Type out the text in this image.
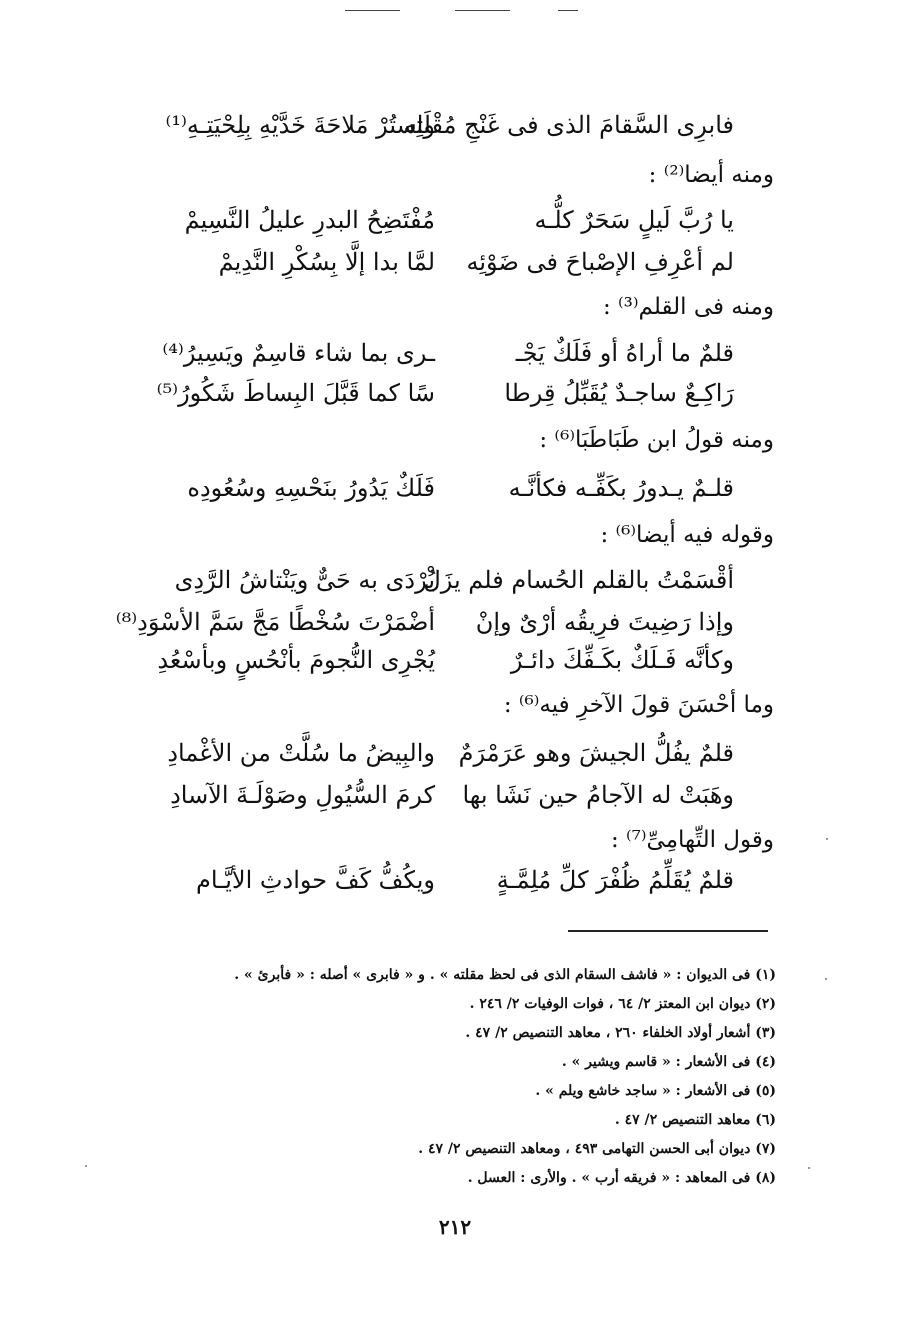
فابرِى السَّقامَ الذى فى غَنْجِ مُقْلَتِه
واستُرْ مَلاحَةَ خَدَّيْهِ بِلِحْيَتِـهِ⁽¹⁾
ومنه أيضا⁽²⁾ :
يا رُبَّ لَيلٍ سَحَرٌ كلُّـه
مُفْتَضِحُ البدرِ عليلُ النَّسِيمْ
لم أعْرِفِ الإصْباحَ فى ضَوْئِه
لمَّا بدا إلَّا بِسُكْرِ النَّدِيمْ
ومنه فى القلم⁽³⁾ :
قلمٌ ما أراهُ أو فَلَكٌ يَجْـ
ـرى بما شاء قاسِمٌ ويَسِيرُ⁽⁴⁾
رَاكِـعٌ ساجـدٌ يُقَبِّلُ قِرطا
سًا كما قَبَّلَ البِساطَ شَكُورُ⁽⁵⁾
ومنه قولُ ابن طَبَاطَبَا⁽⁶⁾ :
قلـمٌ يـدورُ بكَفِّـه فكأنَّـه
فَلَكٌ يَدُورُ بنَحْسِهِ وسُعُودِه
وقوله فيه أيضا⁽⁶⁾ :
أقْسَمْتُ بالقلم الحُسام فلم يزَلْ
يُرْدَى به حَىٌّ ويَنْتاشُ الرَّدِى
وإذا رَضِيتَ فرِيقُه أرْىٌ وإنْ
أضْمَرْتَ سُخْطًا مَجَّ سَمَّ الأسْوَدِ⁽⁸⁾
وكأنَّه فَـلَكٌ بكَـفِّكَ دائـرٌ
يُجْرِى النُّجومَ بأنْحُسٍ وبأسْعُدِ
وما أحْسَنَ قولَ الآخرِ فيه⁽⁶⁾ :
قلمٌ يفُلُّ الجيشَ وهو عَرَمْرَمٌ
والبِيضُ ما سُلَّتْ من الأغْمادِ
وهَبَتْ له الآجامُ حين نَشَا بها
كرمَ السُّيُولِ وصَوْلَـةَ الآسادِ
وقول التِّهامِىِّ⁽⁷⁾ :
قلمٌ يُقَلِّمُ ظُفْرَ كلِّ مُلِمَّـةٍ
ويكُفُّ كَفَّ حوادثِ الأيَّـام
(١) فى الديوان : « فاشف السقام الذى فى لحظ مقلته » . و « فابرى » أصله : « فأبرئ » .
(٢) ديوان ابن المعتز ٢/ ٦٤ ، فوات الوفيات ٢/ ٢٤٦ .
(٣) أشعار أولاد الخلفاء ٢٦٠ ، معاهد التنصيص ٢/ ٤٧ .
(٤) فى الأشعار : « قاسم ويشير » .
(٥) فى الأشعار : « ساجد خاشع ويلم » .
(٦) معاهد التنصيص ٢/ ٤٧ .
(٧) ديوان أبى الحسن التهامى ٤٩٣ ، ومعاهد التنصيص ٢/ ٤٧ .
(٨) فى المعاهد : « فريقه أرب » . والأرى : العسل .
٢١٢
